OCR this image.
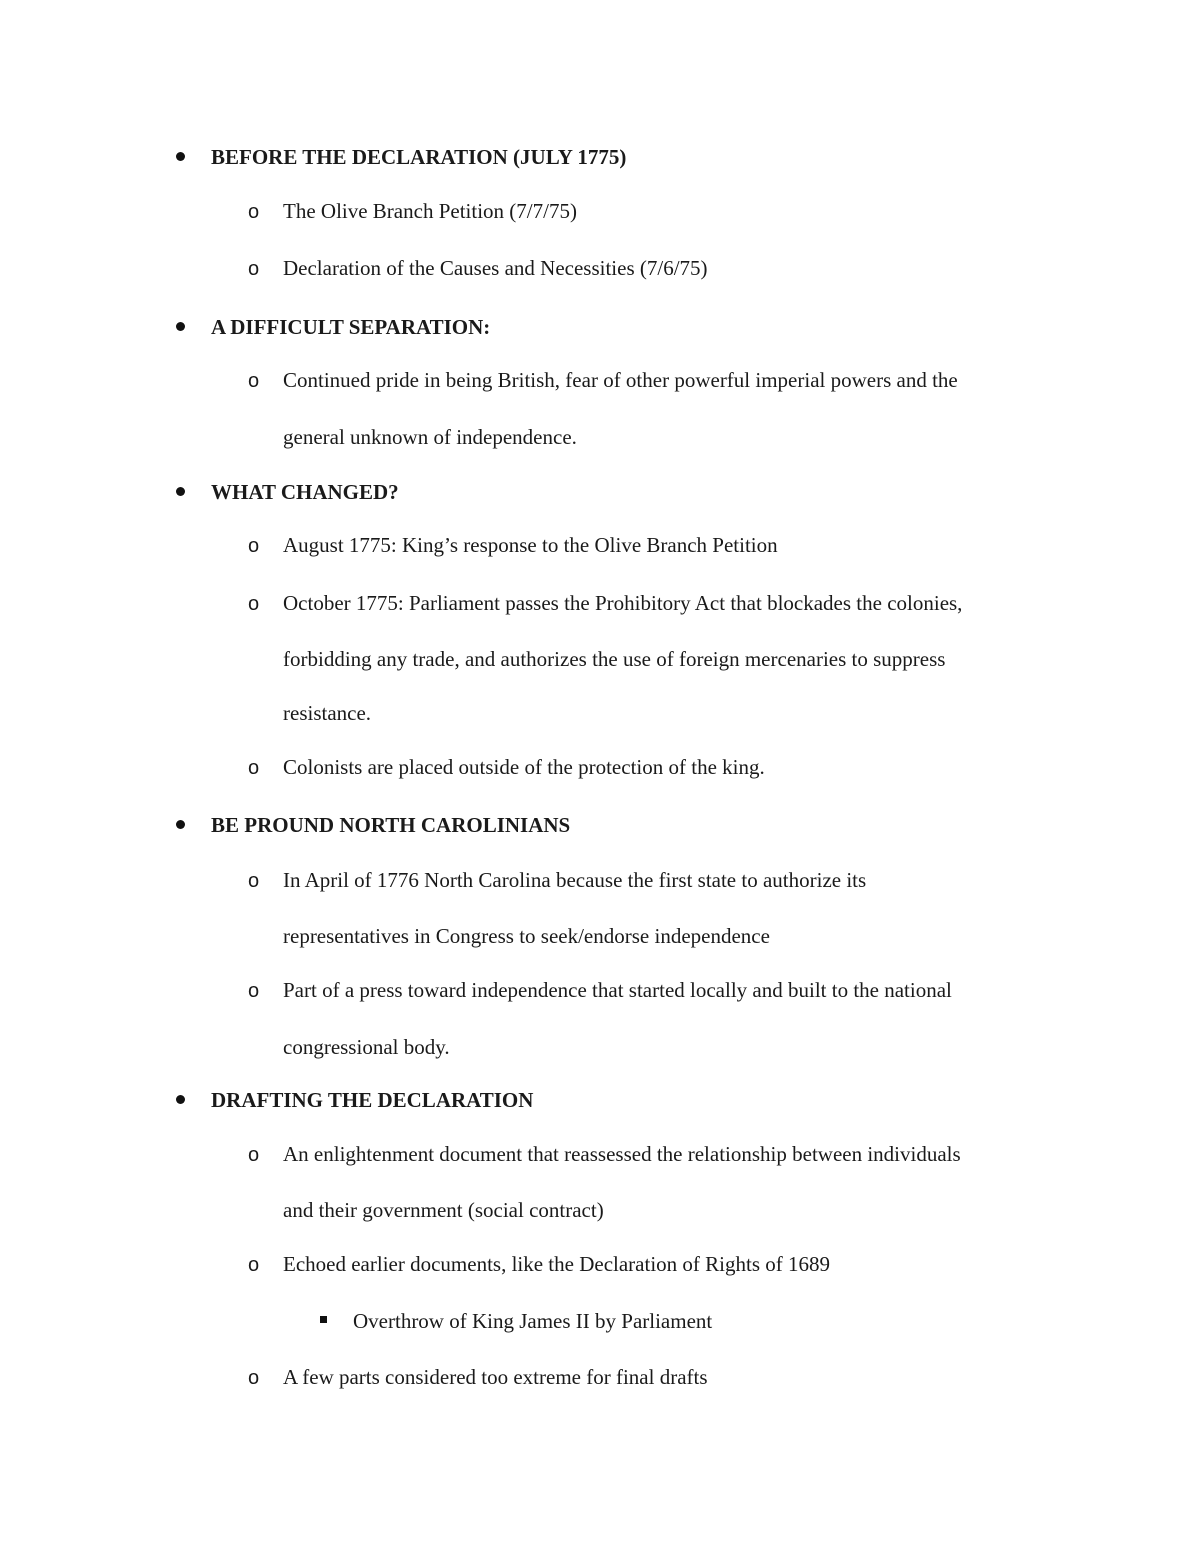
BEFORE THE DECLARATION (JULY 1775)
o The Olive Branch Petition (7/7/75)
o Declaration of the Causes and Necessities (7/6/75)
A DIFFICULT SEPARATION:
o Continued pride in being British, fear of other powerful imperial powers and the
general unknown of independence.
WHAT CHANGED?
o August 1775: King’s response to the Olive Branch Petition
o October 1775: Parliament passes the Prohibitory Act that blockades the colonies,
forbidding any trade, and authorizes the use of foreign mercenaries to suppress
resistance.
o Colonists are placed outside of the protection of the king.
BE PROUND NORTH CAROLINIANS
o In April of 1776 North Carolina because the first state to authorize its
representatives in Congress to seek/endorse independence
o Part of a press toward independence that started locally and built to the national
congressional body.
DRAFTING THE DECLARATION
o An enlightenment document that reassessed the relationship between individuals
and their government (social contract)
o Echoed earlier documents, like the Declaration of Rights of 1689
Overthrow of King James II by Parliament
o A few parts considered too extreme for final drafts
